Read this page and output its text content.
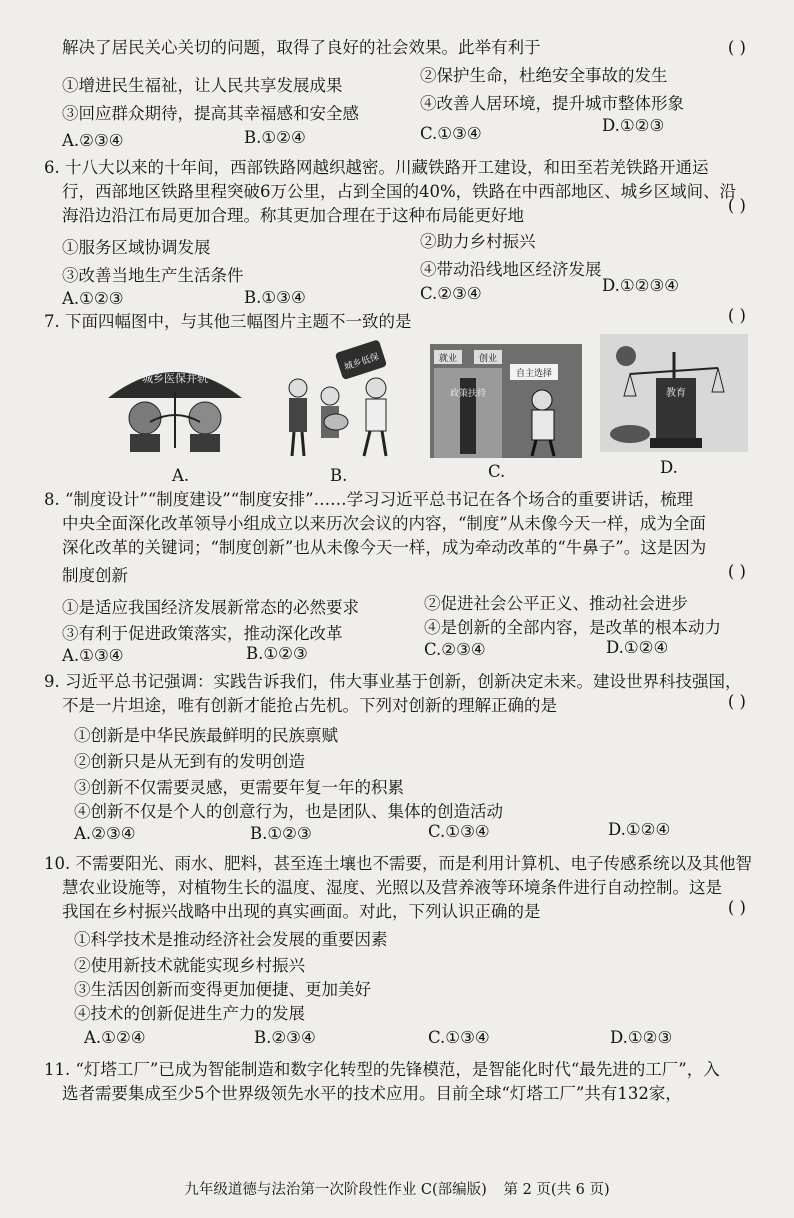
解决了居民关心关切的问题，取得了良好的社会效果。此举有利于	( )
①增进民生福祉，让人民共享发展成果
②保护生命，杜绝安全事故的发生
③回应群众期待，提高其幸福感和安全感
④改善人居环境，提升城市整体形象
A.②③④	B.①②④	C.①③④	D.①②③
6. 十八大以来的十年间，西部铁路网越织越密。川藏铁路开工建设，和田至若羌铁路开通运
行，西部地区铁路里程突破6万公里，占到全国的40%，铁路在中西部地区、城乡区域间、沿
海沿边沿江布局更加合理。称其更加合理在于这种布局能更好地
( )
①服务区域协调发展	②助力乡村振兴
③改善当地生产生活条件	④带动沿线地区经济发展
A.①②③	B.①③④	C.②③④	D.①②③④
7. 下面四幅图中，与其他三幅图片主题不一致的是	( )
城乡医保并轨
A.
城乡低保
B.
就业 创业
自主选择
政策扶持
C.
教育
D.
8. “制度设计”“制度建设”“制度安排”……学习习近平总书记在各个场合的重要讲话，梳理
中央全面深化改革领导小组成立以来历次会议的内容，“制度”从未像今天一样，成为全面
深化改革的关键词；“制度创新”也从未像今天一样，成为牵动改革的“牛鼻子”。这是因为
制度创新	( )
①是适应我国经济发展新常态的必然要求	②促进社会公平正义、推动社会进步
③有利于促进政策落实，推动深化改革	④是创新的全部内容，是改革的根本动力
A.①③④	B.①②③	C.②③④	D.①②④
9. 习近平总书记强调：实践告诉我们，伟大事业基于创新，创新决定未来。建设世界科技强国，
不是一片坦途，唯有创新才能抢占先机。下列对创新的理解正确的是	( )
①创新是中华民族最鲜明的民族禀赋
②创新只是从无到有的发明创造
③创新不仅需要灵感，更需要年复一年的积累
④创新不仅是个人的创意行为，也是团队、集体的创造活动
A.②③④	B.①②③	C.①③④	D.①②④
10. 不需要阳光、雨水、肥料，甚至连土壤也不需要，而是利用计算机、电子传感系统以及其他智
慧农业设施等，对植物生长的温度、湿度、光照以及营养液等环境条件进行自动控制。这是
我国在乡村振兴战略中出现的真实画面。对此，下列认识正确的是	( )
①科学技术是推动经济社会发展的重要因素
②使用新技术就能实现乡村振兴
③生活因创新而变得更加便捷、更加美好
④技术的创新促进生产力的发展
A.①②④	B.②③④	C.①③④	D.①②③
11. “灯塔工厂”已成为智能制造和数字化转型的先锋模范，是智能化时代“最先进的工厂”，入
选者需要集成至少5个世界级领先水平的技术应用。目前全球“灯塔工厂”共有132家，
九年级道德与法治第一次阶段性作业 C(部编版) 第 2 页(共 6 页)
